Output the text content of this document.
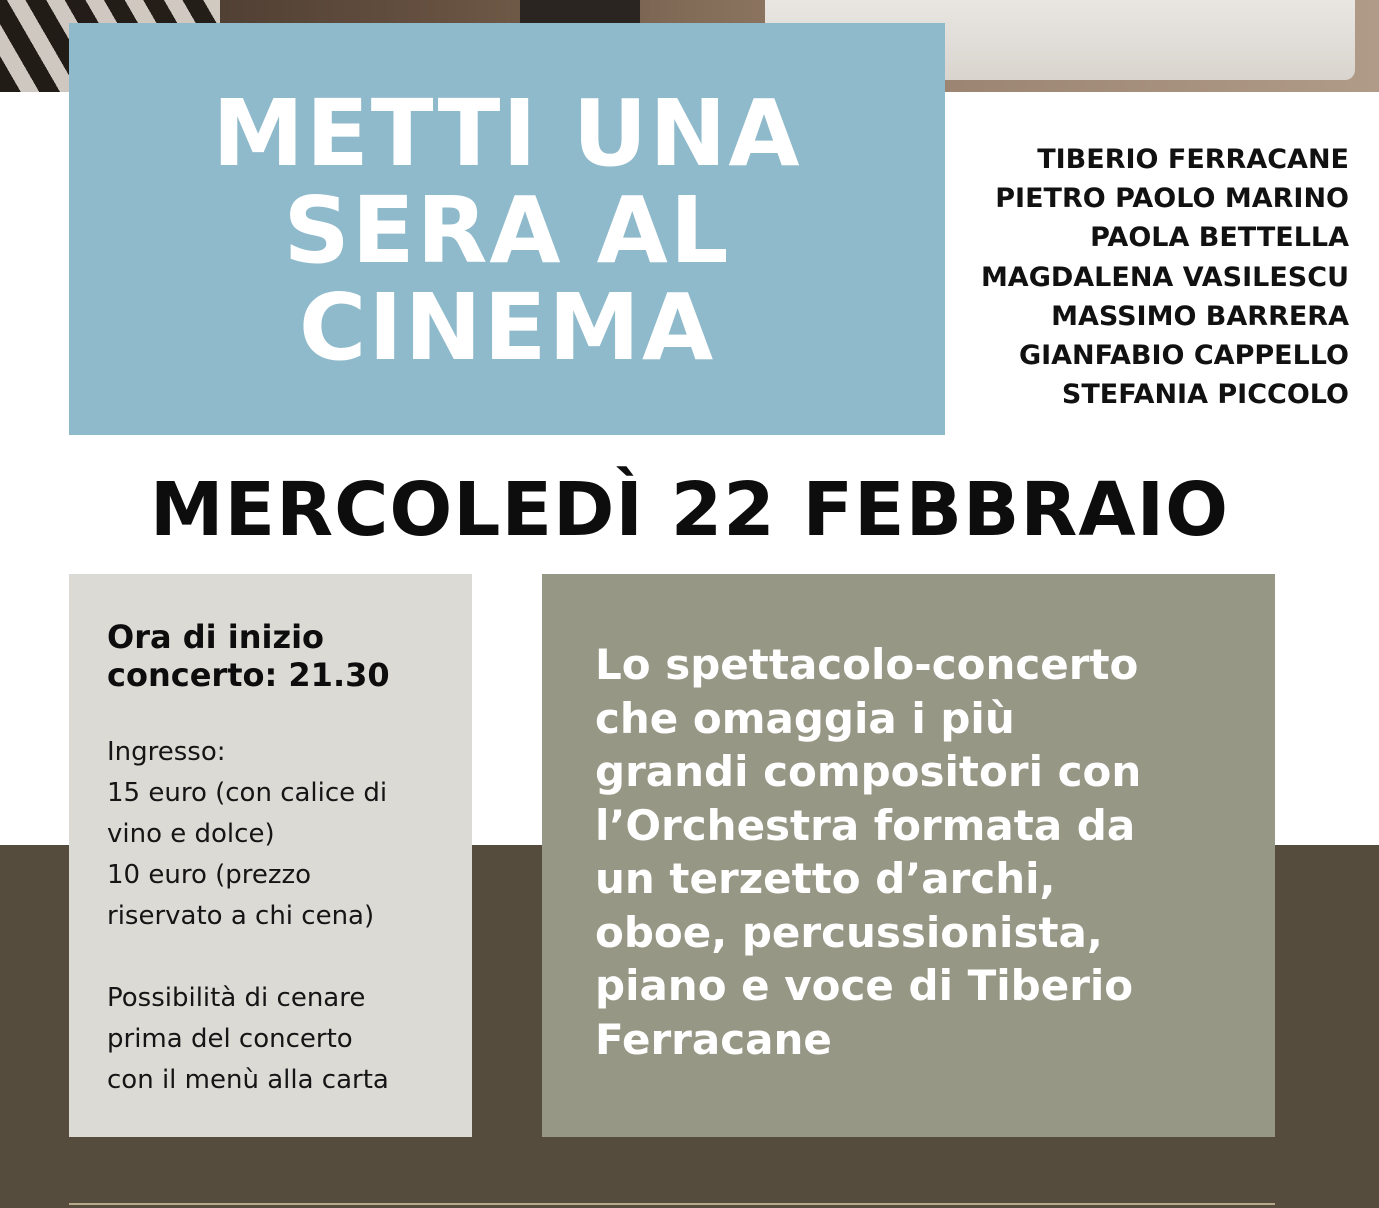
METTI UNA
SERA AL
CINEMA
TIBERIO FERRACANE
PIETRO PAOLO MARINO
PAOLA BETTELLA
MAGDALENA VASILESCU
MASSIMO BARRERA
GIANFABIO CAPPELLO
STEFANIA PICCOLO
MERCOLEDÌ 22 FEBBRAIO
Ora di inizio
concerto: 21.30
Ingresso:
15 euro (con calice di
vino e dolce)
10 euro (prezzo
riservato a chi cena)
Possibilità di cenare
prima del concerto
con il menù alla carta

Lo spettacolo-concerto
che omaggia i più
grandi compositori con
l’Orchestra formata da
un terzetto d’archi,
oboe, percussionista,
piano e voce di Tiberio
Ferracane
